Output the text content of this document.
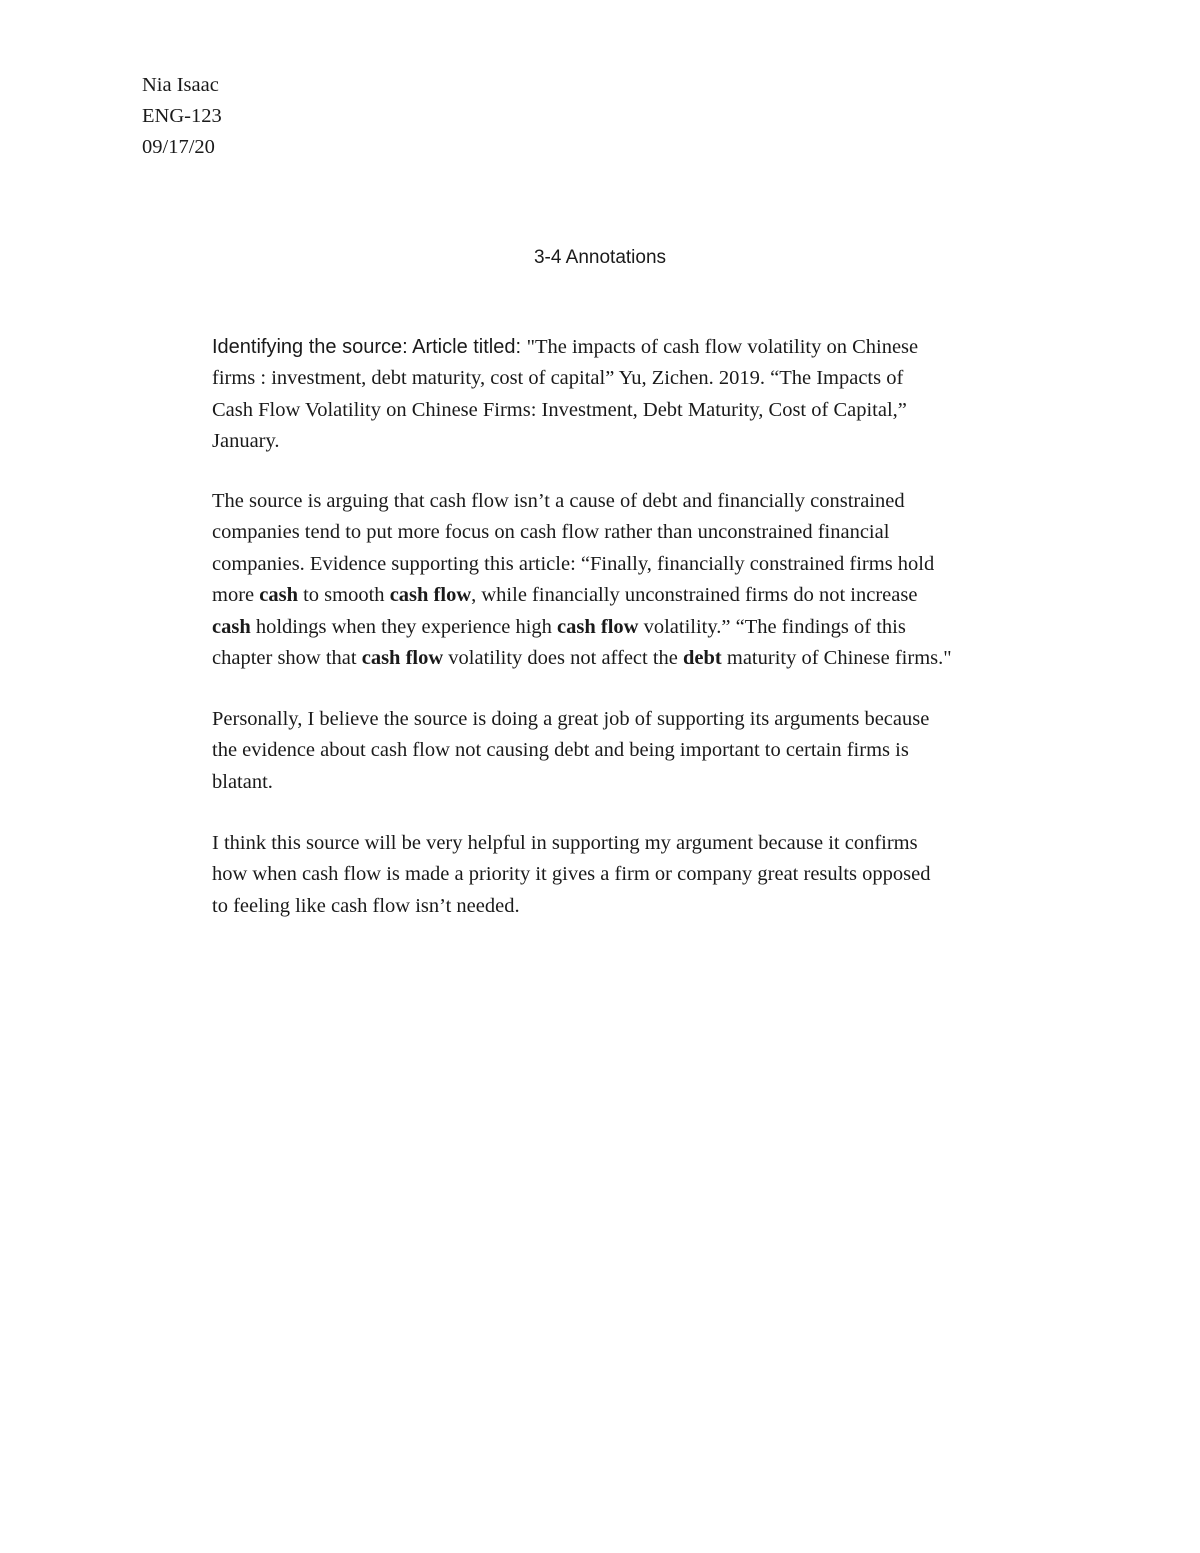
Nia Isaac
ENG-123
09/17/20
3-4 Annotations
Identifying the source: Article titled: "The impacts of cash flow volatility on Chinese
firms : investment, debt maturity, cost of capital” Yu, Zichen. 2019. “The Impacts of
Cash Flow Volatility on Chinese Firms: Investment, Debt Maturity, Cost of Capital,”
January.
The source is arguing that cash flow isn’t a cause of debt and financially constrained
companies tend to put more focus on cash flow rather than unconstrained financial
companies. Evidence supporting this article: “Finally, financially constrained firms hold
more cash to smooth cash flow, while financially unconstrained firms do not increase
cash holdings when they experience high cash flow volatility.” “The findings of this
chapter show that cash flow volatility does not affect the debt maturity of Chinese firms."
Personally, I believe the source is doing a great job of supporting its arguments because
the evidence about cash flow not causing debt and being important to certain firms is
blatant.
I think this source will be very helpful in supporting my argument because it confirms
how when cash flow is made a priority it gives a firm or company great results opposed
to feeling like cash flow isn’t needed.
